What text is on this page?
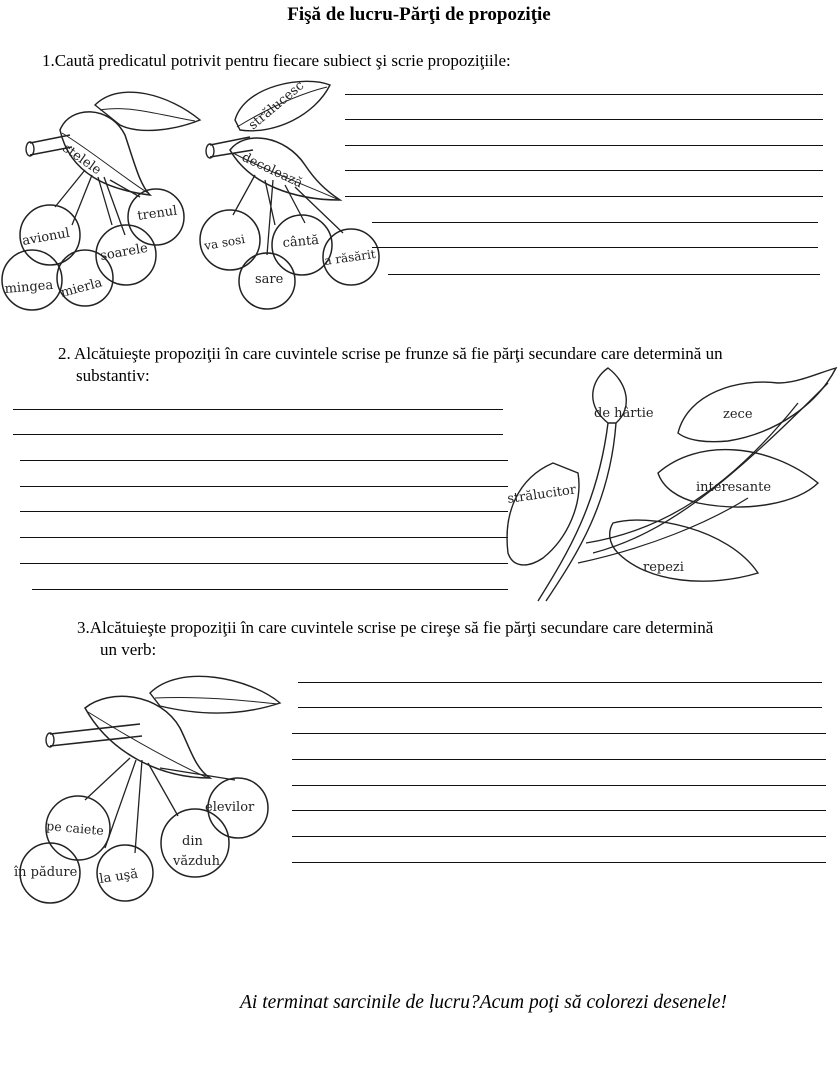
Fişă de lucru-Părţi de propoziţie
1.Caută predicatul potrivit pentru fiecare subiect şi scrie propoziţiile:
stelele
avionul
mingea mierla
soarele
trenul
strălucesc
decolează
va sosi
sare
cântă
a răsărit
2. Alcătuieşte propoziţii în care cuvintele scrise pe frunze să fie părţi secundare care determină un
substantiv:
de hârtie	zece
strălucitor	interesante
repezi
3.Alcătuieşte propoziţii în care cuvintele scrise pe cireşe să fie părţi secundare care determină
un verb:
pe caiete
elevilor
din
văzduh
în pădure la uşă
Ai terminat sarcinile de lucru?Acum poţi să colorezi desenele!
